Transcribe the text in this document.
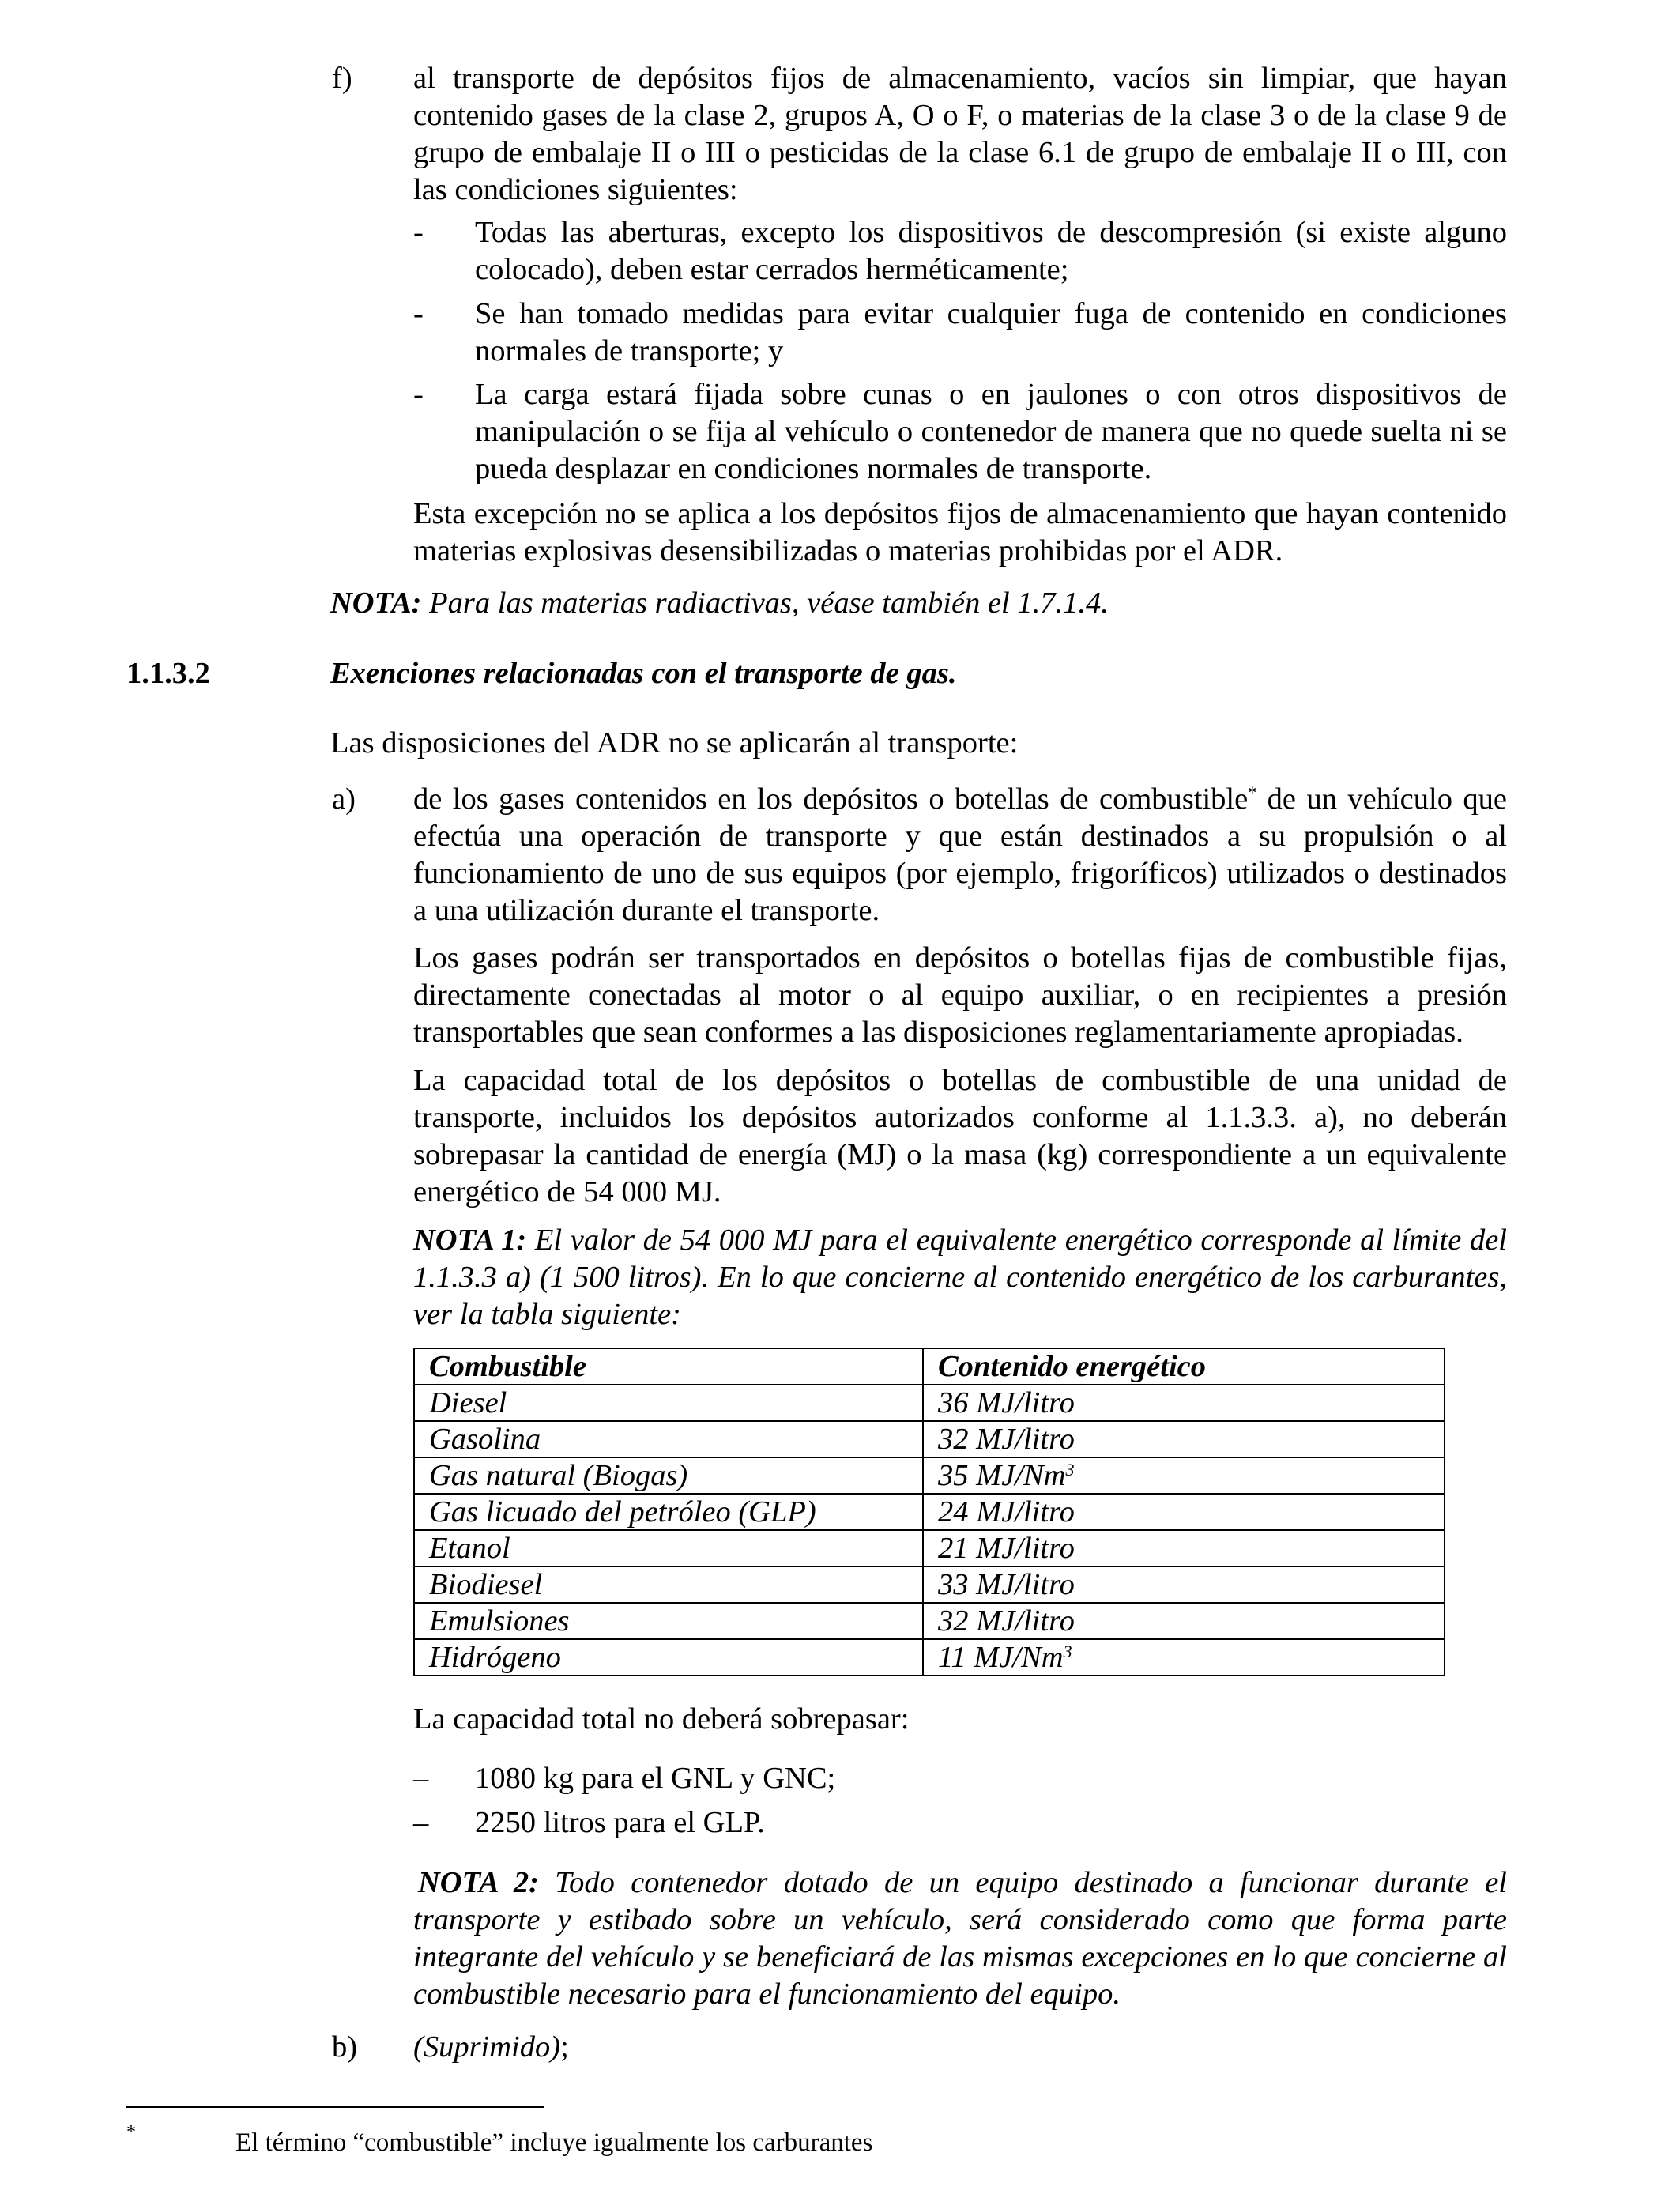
f) al transporte de depósitos fijos de almacenamiento, vacíos sin limpiar, que hayan contenido gases de la clase 2, grupos A, O o F, o materias de la clase 3 o de la clase 9 de grupo de embalaje II o III o pesticidas de la clase 6.1 de grupo de embalaje II o III, con las condiciones siguientes:
- Todas las aberturas, excepto los dispositivos de descompresión (si existe alguno colocado), deben estar cerrados herméticamente;
- Se han tomado medidas para evitar cualquier fuga de contenido en condiciones normales de transporte; y
- La carga estará fijada sobre cunas o en jaulones o con otros dispositivos de manipulación o se fija al vehículo o contenedor de manera que no quede suelta ni se pueda desplazar en condiciones normales de transporte.
Esta excepción no se aplica a los depósitos fijos de almacenamiento que hayan contenido materias explosivas desensibilizadas o materias prohibidas por el ADR.
NOTA: Para las materias radiactivas, véase también el 1.7.1.4.
1.1.3.2	Exenciones relacionadas con el transporte de gas.
Las disposiciones del ADR no se aplicarán al transporte:
a) de los gases contenidos en los depósitos o botellas de combustible* de un vehículo que efectúa una operación de transporte y que están destinados a su propulsión o al funcionamiento de uno de sus equipos (por ejemplo, frigoríficos) utilizados o destinados a una utilización durante el transporte.
Los gases podrán ser transportados en depósitos o botellas fijas de combustible fijas, directamente conectadas al motor o al equipo auxiliar, o en recipientes a presión transportables que sean conformes a las disposiciones reglamentariamente apropiadas.
La capacidad total de los depósitos o botellas de combustible de una unidad de transporte, incluidos los depósitos autorizados conforme al 1.1.3.3. a), no deberán sobrepasar la cantidad de energía (MJ) o la masa (kg) correspondiente a un equivalente energético de 54 000 MJ.
NOTA 1: El valor de 54 000 MJ para el equivalente energético corresponde al límite del 1.1.3.3 a) (1 500 litros). En lo que concierne al contenido energético de los carburantes, ver la tabla siguiente:
Combustible	Contenido energético
Diesel	36 MJ/litro
Gasolina	32 MJ/litro
Gas natural (Biogas)	35 MJ/Nm$^3$
Gas licuado del petróleo (GLP)	24 MJ/litro
Etanol	21 MJ/litro
Biodiesel	33 MJ/litro
Emulsiones	32 MJ/litro
Hidrógeno	11 MJ/Nm$^3$
La capacidad total no deberá sobrepasar:
– 1080 kg para el GNL y GNC;
– 2250 litros para el GLP.
NOTA 2: Todo contenedor dotado de un equipo destinado a funcionar durante el transporte y estibado sobre un vehículo, será considerado como que forma parte integrante del vehículo y se beneficiará de las mismas excepciones en lo que concierne al combustible necesario para el funcionamiento del equipo.
b) (Suprimido);
*	El término “combustible” incluye igualmente los carburantes
